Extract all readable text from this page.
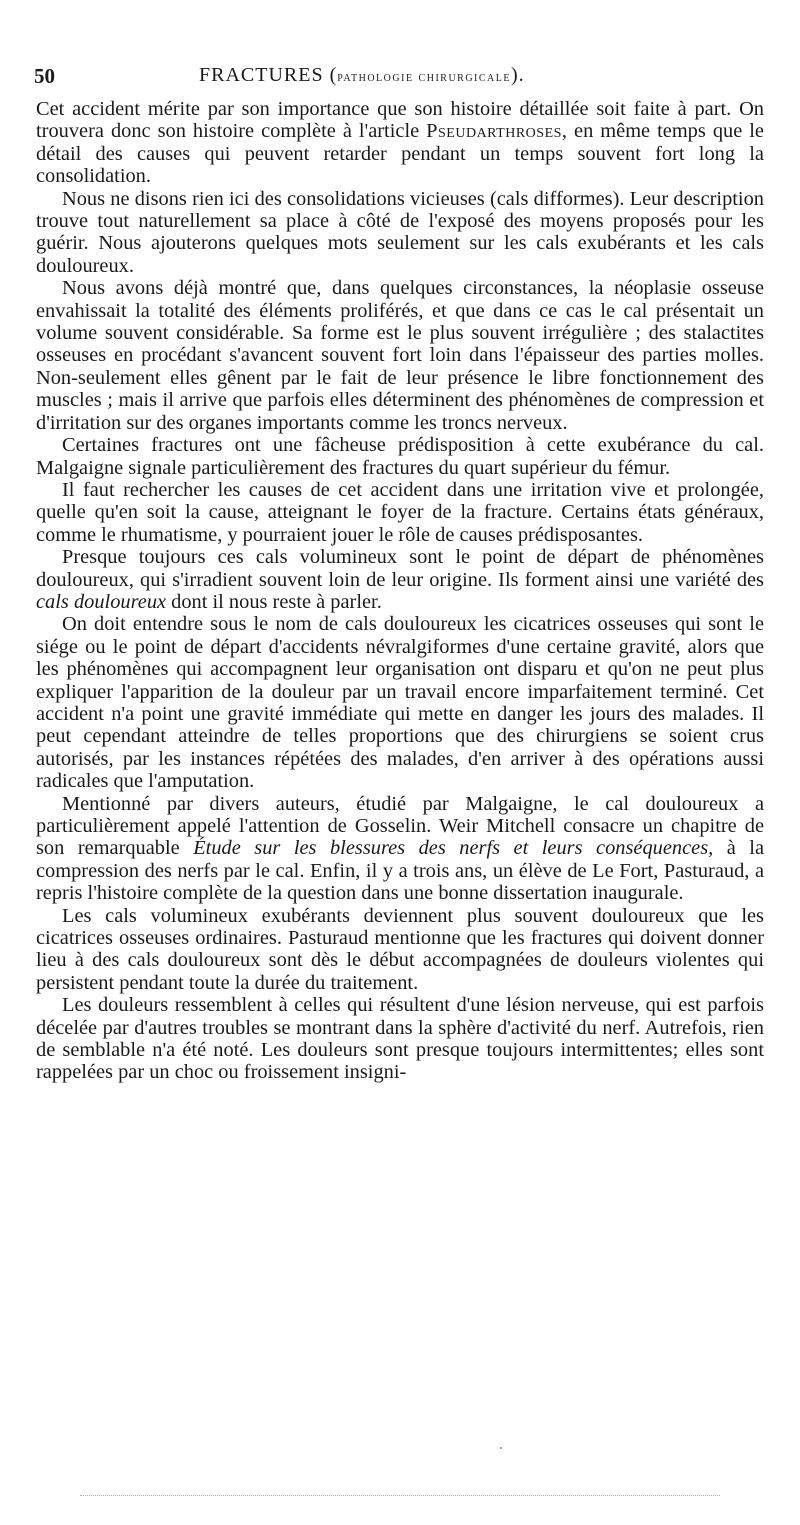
50	FRACTURES (pathologie chirurgicale).

Cet accident mérite par son importance que son histoire détaillée soit faite à part. On trouvera donc son histoire complète à l'article Pseudarthroses, en même temps que le détail des causes qui peuvent retarder pendant un temps souvent fort long la consolidation.

Nous ne disons rien ici des consolidations vicieuses (cals difformes). Leur description trouve tout naturellement sa place à côté de l'exposé des moyens proposés pour les guérir. Nous ajouterons quelques mots seulement sur les cals exubérants et les cals douloureux.

Nous avons déjà montré que, dans quelques circonstances, la néoplasie osseuse envahissait la totalité des éléments proliférés, et que dans ce cas le cal présentait un volume souvent considérable. Sa forme est le plus souvent irrégulière ; des stalactites osseuses en procédant s'avancent souvent fort loin dans l'épaisseur des parties molles. Non-seulement elles gênent par le fait de leur présence le libre fonctionnement des muscles ; mais il arrive que parfois elles déterminent des phénomènes de compression et d'irritation sur des organes importants comme les troncs nerveux.

Certaines fractures ont une fâcheuse prédisposition à cette exubérance du cal. Malgaigne signale particulièrement des fractures du quart supérieur du fémur.

Il faut rechercher les causes de cet accident dans une irritation vive et prolongée, quelle qu'en soit la cause, atteignant le foyer de la fracture. Certains états généraux, comme le rhumatisme, y pourraient jouer le rôle de causes prédisposantes.

Presque toujours ces cals volumineux sont le point de départ de phénomènes douloureux, qui s'irradient souvent loin de leur origine. Ils forment ainsi une variété des cals douloureux dont il nous reste à parler.

On doit entendre sous le nom de cals douloureux les cicatrices osseuses qui sont le siége ou le point de départ d'accidents névralgiformes d'une certaine gravité, alors que les phénomènes qui accompagnent leur organisation ont disparu et qu'on ne peut plus expliquer l'apparition de la douleur par un travail encore imparfaitement terminé. Cet accident n'a point une gravité immédiate qui mette en danger les jours des malades. Il peut cependant atteindre de telles proportions que des chirurgiens se soient crus autorisés, par les instances répétées des malades, d'en arriver à des opérations aussi radicales que l'amputation.

Mentionné par divers auteurs, étudié par Malgaigne, le cal douloureux a particulièrement appelé l'attention de Gosselin. Weir Mitchell consacre un chapitre de son remarquable Étude sur les blessures des nerfs et leurs conséquences, à la compression des nerfs par le cal. Enfin, il y a trois ans, un élève de Le Fort, Pasturaud, a repris l'histoire complète de la question dans une bonne dissertation inaugurale.

Les cals volumineux exubérants deviennent plus souvent douloureux que les cicatrices osseuses ordinaires. Pasturaud mentionne que les fractures qui doivent donner lieu à des cals douloureux sont dès le début accompagnées de douleurs violentes qui persistent pendant toute la durée du traitement.

Les douleurs ressemblent à celles qui résultent d'une lésion nerveuse, qui est parfois décelée par d'autres troubles se montrant dans la sphère d'activité du nerf. Autrefois, rien de semblable n'a été noté. Les douleurs sont presque toujours intermittentes; elles sont rappelées par un choc ou froissement insigni-
